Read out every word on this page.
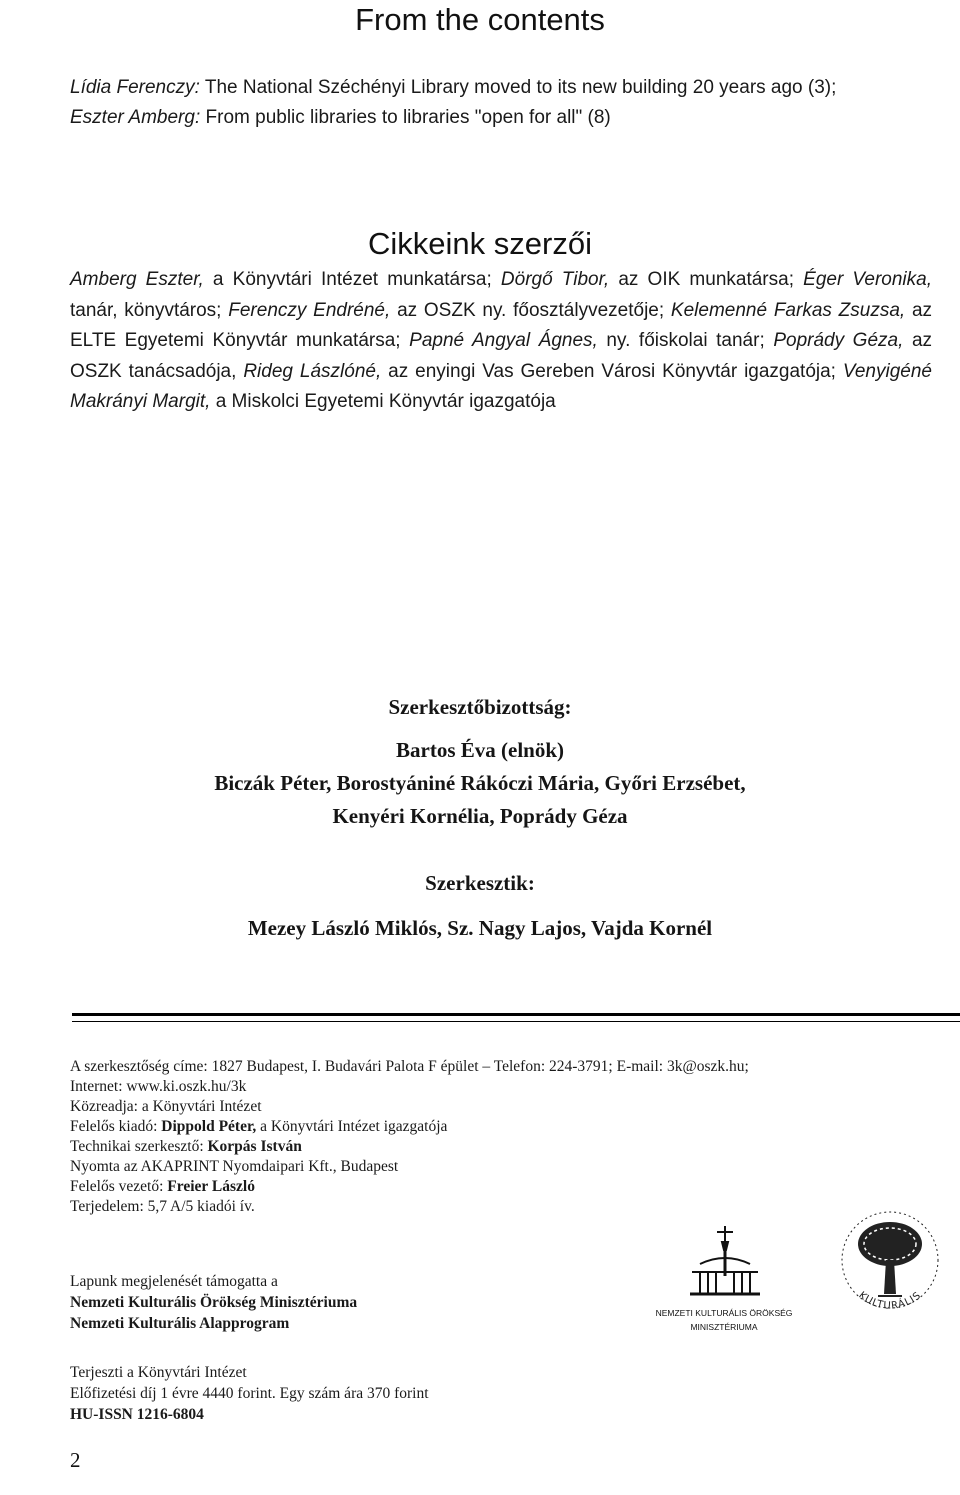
From the contents
Lídia Ferenczy: The National Széchényi Library moved to its new building 20 years ago (3);
Eszter Amberg: From public libraries to libraries "open for all" (8)
Cikkeink szerzői

Amberg Eszter, a Könyvtári Intézet munkatársa; Dörgő Tibor, az OIK munkatársa; Éger Veronika, tanár, könyvtáros; Ferenczy Endréné, az OSZK ny. főosztályvezetője; Kelemenné Farkas Zsuzsa, az ELTE Egyetemi Könyvtár munkatársa; Papné Angyal Ágnes, ny. főiskolai tanár; Poprády Géza, az OSZK tanácsadója, Rideg Lászlóné, az enyingi Vas Gereben Városi Könyvtár igazgatója; Venyigéné Makrányi Margit, a Miskolci Egyetemi Könyvtár igazgatója

Szerkesztőbizottság:
Bartos Éva (elnök)
Biczák Péter, Borostyániné Rákóczi Mária, Győri Erzsébet,
Kenyéri Kornélia, Poprády Géza
Szerkesztik:
Mezey László Miklós, Sz. Nagy Lajos, Vajda Kornél
A szerkesztőség címe: 1827 Budapest, I. Budavári Palota F épület – Telefon: 224-3791; E-mail: 3k@oszk.hu;
Internet: www.ki.oszk.hu/3k
Közreadja: a Könyvtári Intézet
Felelős kiadó: Dippold Péter, a Könyvtári Intézet igazgatója
Technikai szerkesztő: Korpás István
Nyomta az AKAPRINT Nyomdaipari Kft., Budapest
Felelős vezető: Freier László
Terjedelem: 5,7 A/5 kiadói ív.
Lapunk megjelenését támogatta a
Nemzeti Kulturális Örökség Minisztériuma
Nemzeti Kulturális Alapprogram
NEMZETI KULTURÁLIS ÖRÖKSÉG
MINISZTÉRIUMA
KULTURÁLIS
Terjeszti a Könyvtári Intézet
Előfizetési díj 1 évre 4440 forint. Egy szám ára 370 forint
HU-ISSN 1216-6804
2
